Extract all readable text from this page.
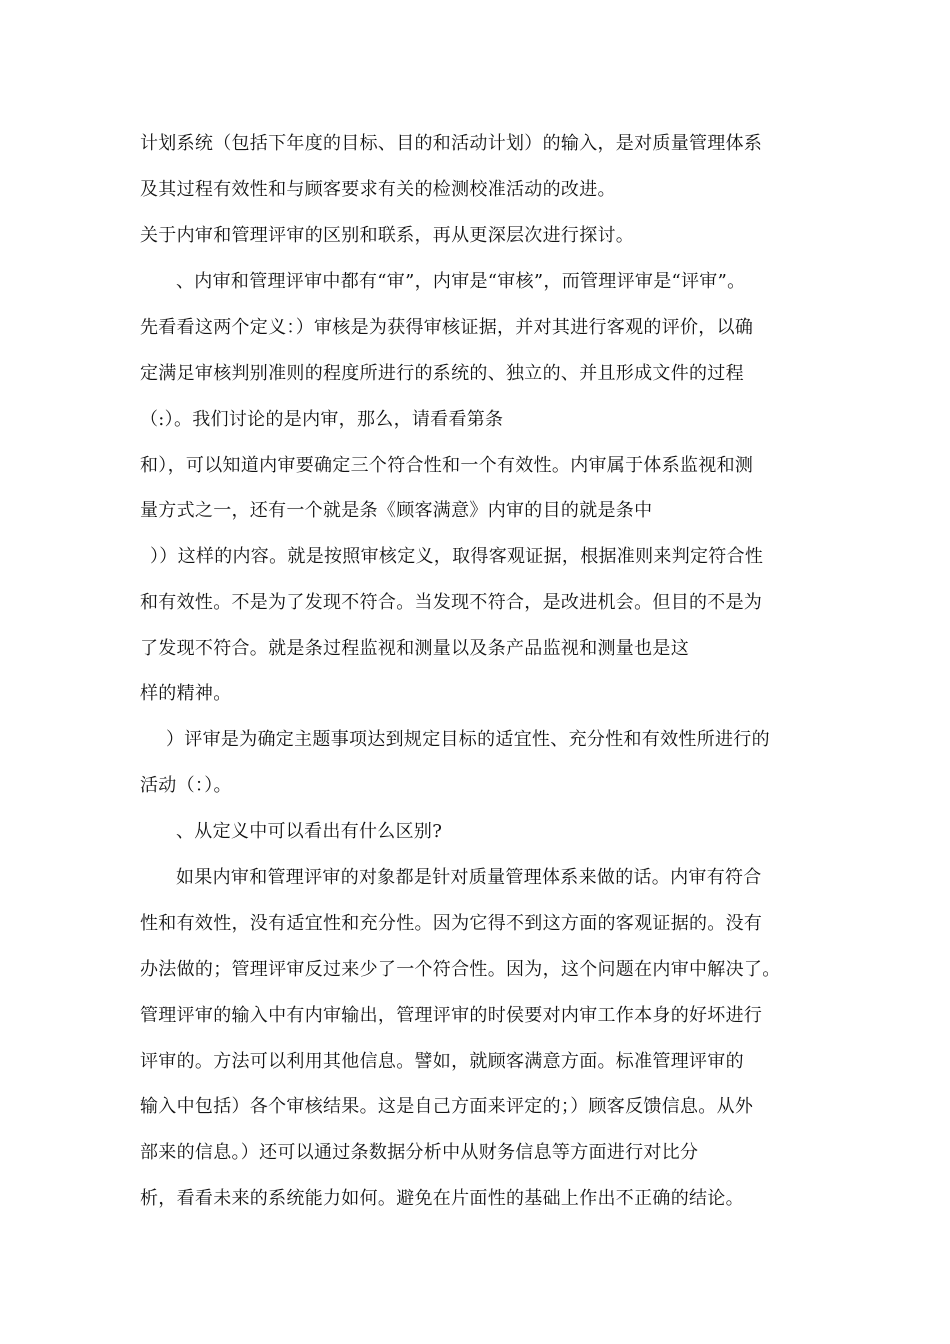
计划系统（包括下年度的目标、目的和活动计划）的输入，是对质量管理体系
及其过程有效性和与顾客要求有关的检测校准活动的改进。
关于内审和管理评审的区别和联系，再从更深层次进行探讨。
、内审和管理评审中都有“审”，内审是“审核”，而管理评审是“评审”。
先看看这两个定义：）审核是为获得审核证据，并对其进行客观的评价，以确
定满足审核判别准则的程度所进行的系统的、独立的、并且形成文件的过程
（:）。我们讨论的是内审，那么，请看看第条
和），可以知道内审要确定三个符合性和一个有效性。内审属于体系监视和测
量方式之一，还有一个就是条《顾客满意》内审的目的就是条中
））这样的内容。就是按照审核定义，取得客观证据，根据准则来判定符合性
和有效性。不是为了发现不符合。当发现不符合，是改进机会。但目的不是为
了发现不符合。就是条过程监视和测量以及条产品监视和测量也是这
样的精神。
）评审是为确定主题事项达到规定目标的适宜性、充分性和有效性所进行的
活动（：）。
、从定义中可以看出有什么区别?
如果内审和管理评审的对象都是针对质量管理体系来做的话。内审有符合
性和有效性，没有适宜性和充分性。因为它得不到这方面的客观证据的。没有
办法做的；管理评审反过来少了一个符合性。因为，这个问题在内审中解决了。
管理评审的输入中有内审输出，管理评审的时侯要对内审工作本身的好坏进行
评审的。方法可以利用其他信息。譬如，就顾客满意方面。标准管理评审的
输入中包括）各个审核结果。这是自己方面来评定的；）顾客反馈信息。从外
部来的信息。）还可以通过条数据分析中从财务信息等方面进行对比分
析，看看未来的系统能力如何。避免在片面性的基础上作出不正确的结论。
